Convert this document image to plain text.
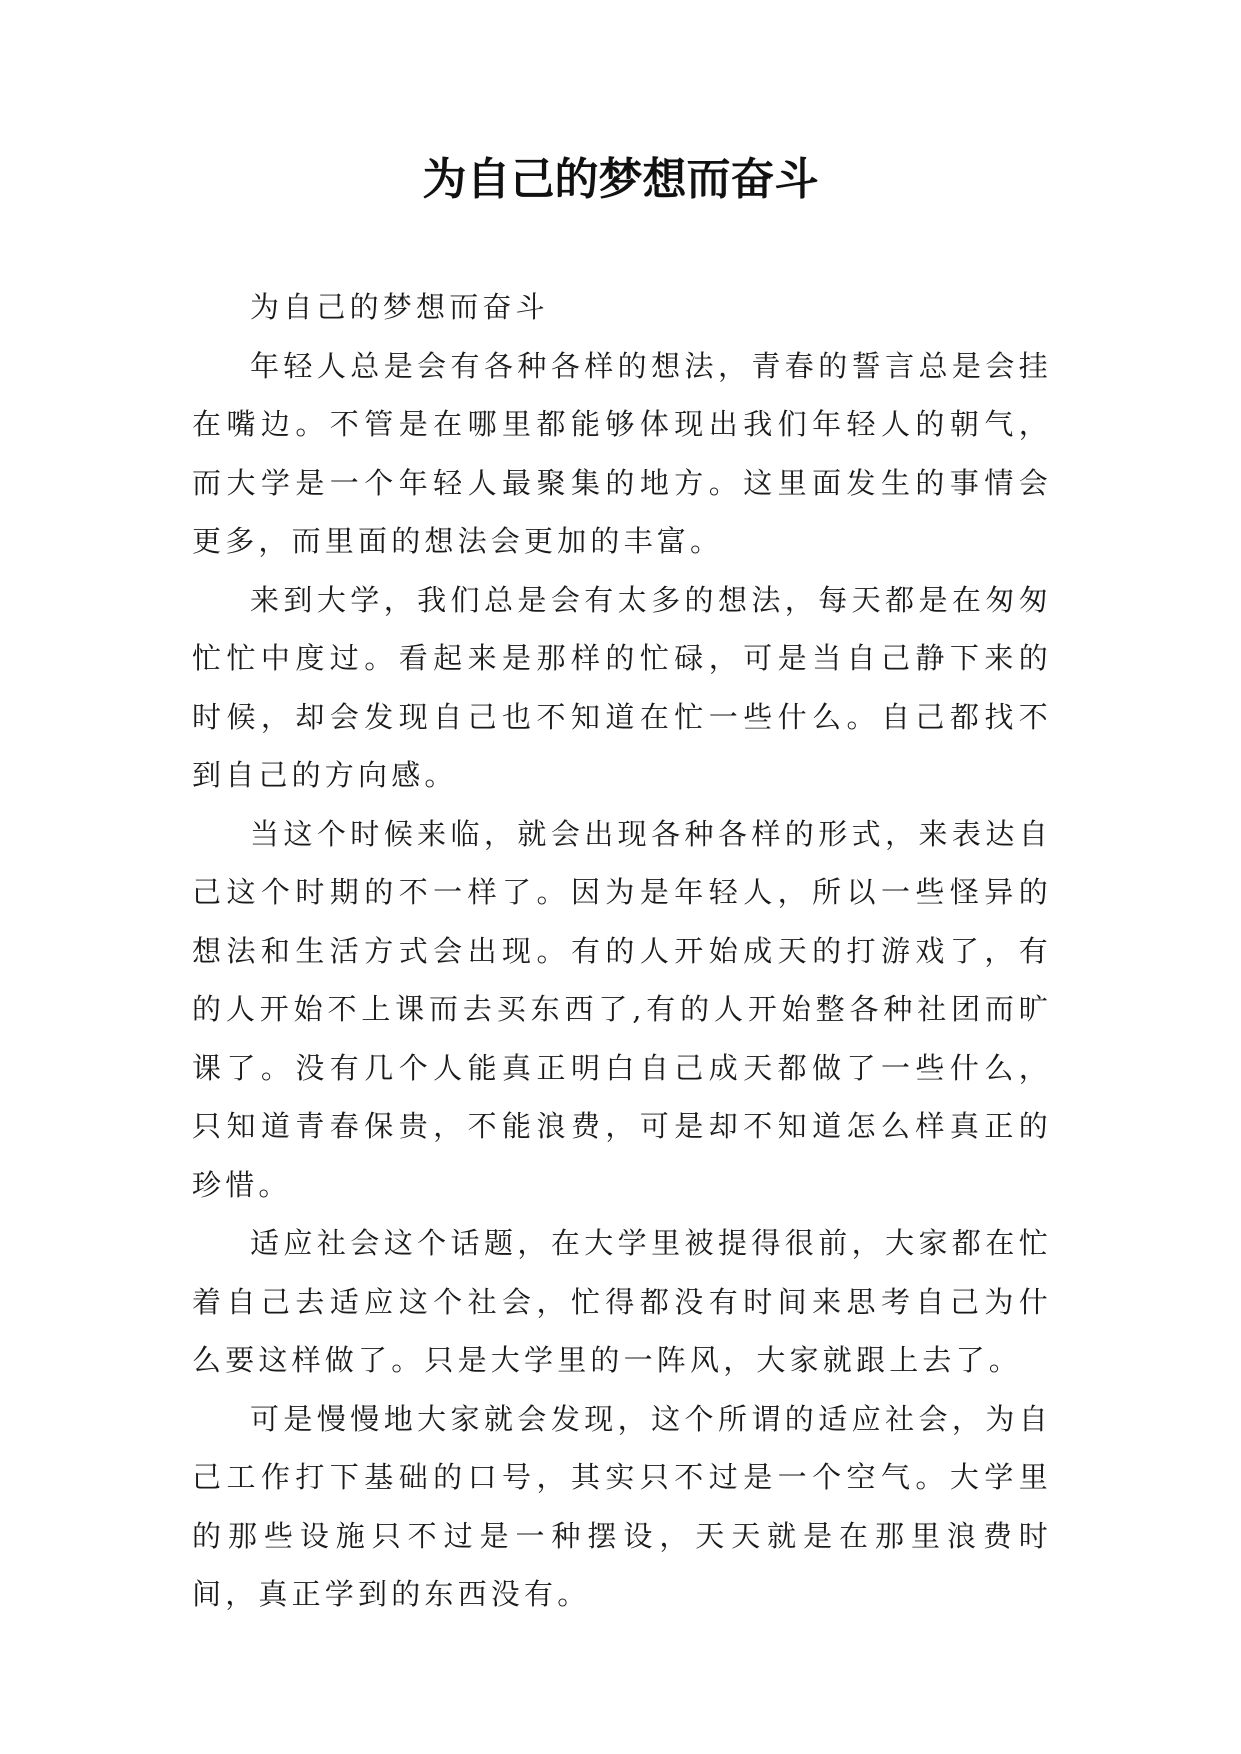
为自己的梦想而奋斗

为自己的梦想而奋斗

年轻人总是会有各种各样的想法，青春的誓言总是会挂在嘴边。不管是在哪里都能够体现出我们年轻人的朝气，而大学是一个年轻人最聚集的地方。这里面发生的事情会更多，而里面的想法会更加的丰富。

来到大学，我们总是会有太多的想法，每天都是在匆匆忙忙中度过。看起来是那样的忙碌，可是当自己静下来的时候，却会发现自己也不知道在忙一些什么。自己都找不到自己的方向感。

当这个时候来临，就会出现各种各样的形式，来表达自己这个时期的不一样了。因为是年轻人，所以一些怪异的想法和生活方式会出现。有的人开始成天的打游戏了，有的人开始不上课而去买东西了,有的人开始整各种社团而旷课了。没有几个人能真正明白自己成天都做了一些什么，只知道青春保贵，不能浪费，可是却不知道怎么样真正的珍惜。

适应社会这个话题，在大学里被提得很前，大家都在忙着自己去适应这个社会，忙得都没有时间来思考自己为什么要这样做了。只是大学里的一阵风，大家就跟上去了。

可是慢慢地大家就会发现，这个所谓的适应社会，为自己工作打下基础的口号，其实只不过是一个空气。大学里的那些设施只不过是一种摆设，天天就是在那里浪费时间，真正学到的东西没有。
